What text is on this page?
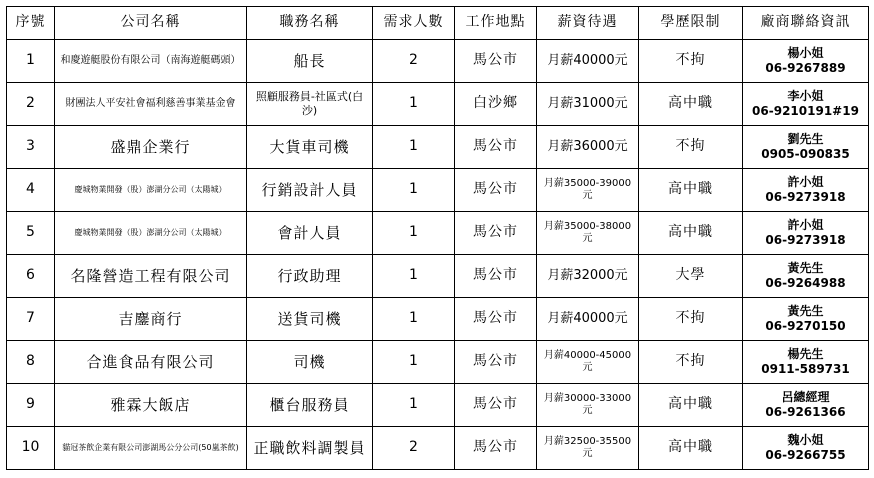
序號	公司名稱	職務名稱	需求人數	工作地點	薪資待遇	學歷限制	廠商聯絡資訊
1	和慶遊艇股份有限公司（南海遊艇碼頭）	船長	2	馬公市	月薪40000元	不拘	楊小姐
06-9267889

2	財團法人平安社會福利慈善事業基金會	照顧服務員-社區式(白沙)	1	白沙鄉	月薪31000元	高中職	李小姐
06-9210191#19

3	盛鼎企業行	大貨車司機	1	馬公市	月薪36000元	不拘	劉先生
0905-090835

4	慶城物業開發（股）澎湖分公司（太陽城）	行銷設計人員	1	馬公市	月薪35000-39000元	高中職	許小姐
06-9273918

5	慶城物業開發（股）澎湖分公司（太陽城）	會計人員	1	馬公市	月薪35000-38000元	高中職	許小姐
06-9273918

6	名隆營造工程有限公司	行政助理	1	馬公市	月薪32000元	大學	黃先生
06-9264988

7	吉鏖商行	送貨司機	1	馬公市	月薪40000元	不拘	黃先生
06-9270150

8	合進食品有限公司	司機	1	馬公市	月薪40000-45000元	不拘	楊先生
0911-589731

9	雅霖大飯店	櫃台服務員	1	馬公市	月薪30000-33000元	高中職	呂總經理
06-9261366

10	貓冠茶飲企業有限公司澎湖馬公分公司(50嵐茶飲)	正職飲料調製員	2	馬公市	月薪32500-35500元	高中職	魏小姐
06-9266755
